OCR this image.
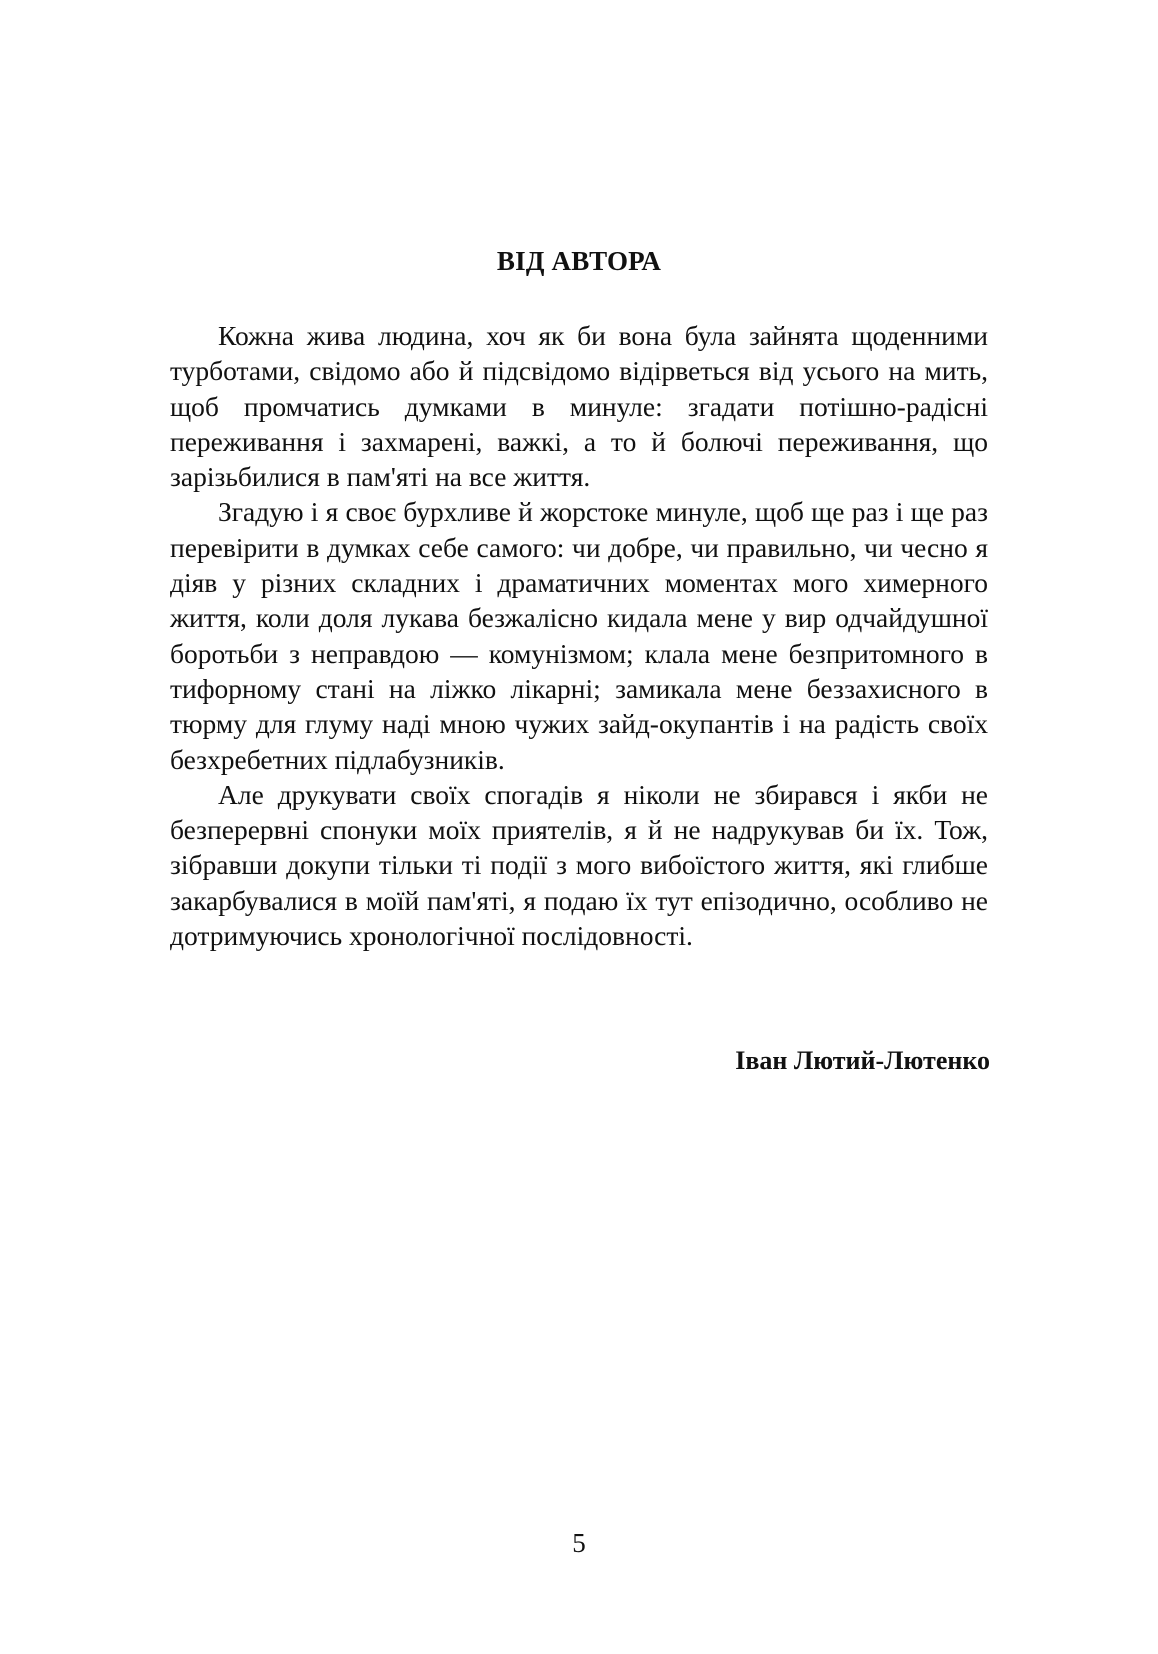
ВІД АВТОРА

Кожна жива людина, хоч як би вона була зайнята щоденними турботами, свідомо або й підсвідомо відірветься від усього на мить, щоб промчатись думками в минуле: згадати потішно-радісні переживання і захмарені, важкі, а то й болючі переживання, що зарізьбилися в пам'яті на все життя.

Згадую і я своє бурхливе й жорстоке минуле, щоб ще раз і ще раз перевірити в думках себе самого: чи добре, чи правильно, чи чесно я діяв у різних складних і драматичних моментах мого химерного життя, коли доля лукава безжалісно кидала мене у вир одчайдушної боротьби з неправдою — комунізмом; клала мене безпритомного в тифорному стані на ліжко лікарні; замикала мене беззахисного в тюрму для глуму наді мною чужих зайд-окупантів і на радість своїх безхребетних підлабузників.

Але друкувати своїх спогадів я ніколи не збирався і якби не безперервні спонуки моїх приятелів, я й не надрукував би їх. Тож, зібравши докупи тільки ті події з мого вибоїстого життя, які глибше закарбувалися в моїй пам'яті, я подаю їх тут епізодично, особливо не дотримуючись хронологічної послідовності.

Іван Лютий-Лютенко

5
